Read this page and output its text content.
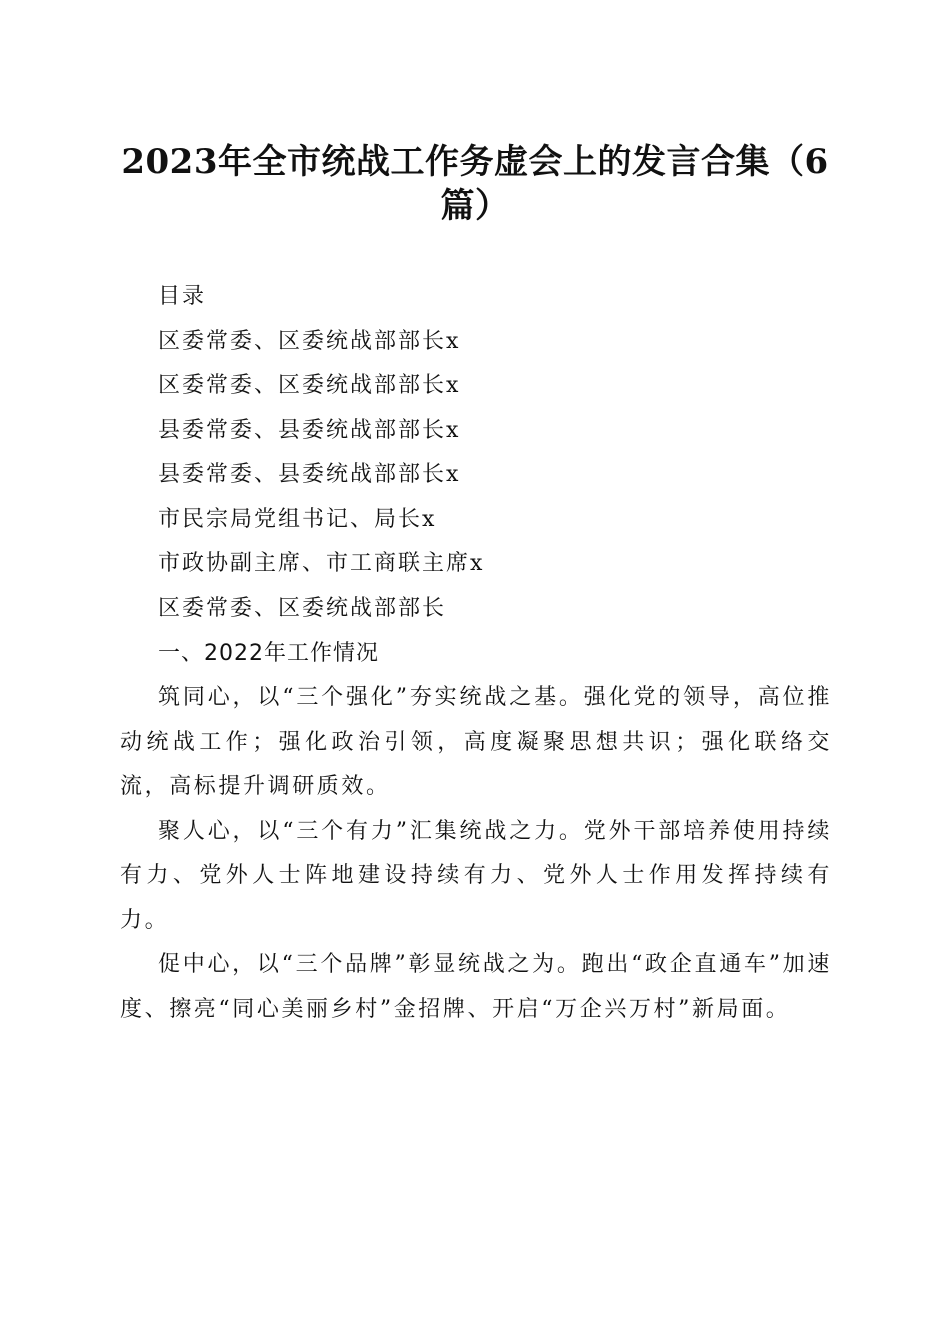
2023年全市统战工作务虚会上的发言合集（6篇）
目录
区委常委、区委统战部部长x
区委常委、区委统战部部长x
县委常委、县委统战部部长x
县委常委、县委统战部部长x
市民宗局党组书记、局长x
市政协副主席、市工商联主席x
区委常委、区委统战部部长
一、2022年工作情况

筑同心，以“三个强化”夯实统战之基。强化党的领导，高位推动统战工作；强化政治引领，高度凝聚思想共识；强化联络交流，高标提升调研质效。

聚人心，以“三个有力”汇集统战之力。党外干部培养使用持续有力、党外人士阵地建设持续有力、党外人士作用发挥持续有力。

促中心，以“三个品牌”彰显统战之为。跑出“政企直通车”加速度、擦亮“同心美丽乡村”金招牌、开启“万企兴万村”新局面。
